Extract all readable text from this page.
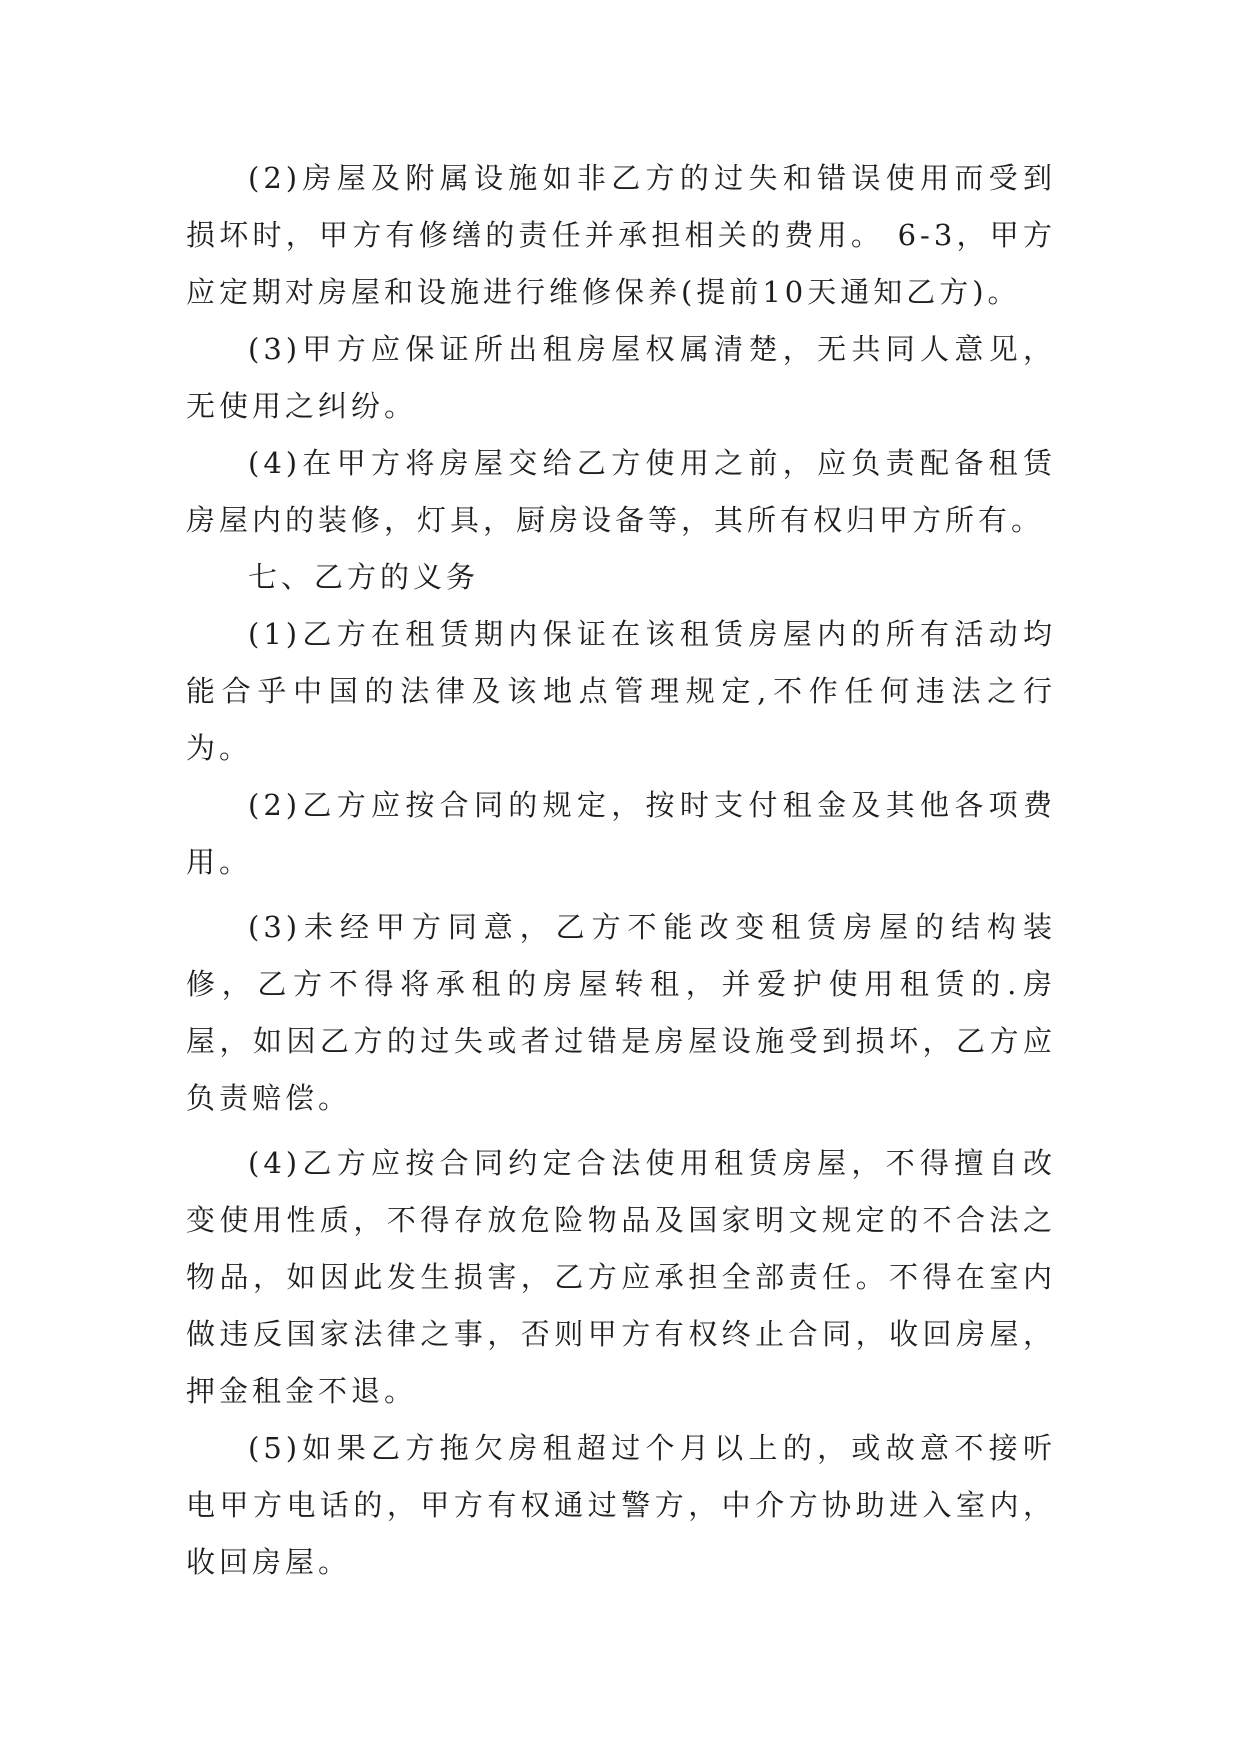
(2)房屋及附属设施如非乙方的过失和错误使用而受到损坏时，甲方有修缮的责任并承担相关的费用。 6-3，甲方应定期对房屋和设施进行维修保养(提前10天通知乙方)。

(3)甲方应保证所出租房屋权属清楚，无共同人意见，无使用之纠纷。

(4)在甲方将房屋交给乙方使用之前，应负责配备租赁房屋内的装修，灯具，厨房设备等，其所有权归甲方所有。

七、乙方的义务

(1)乙方在租赁期内保证在该租赁房屋内的所有活动均能合乎中国的法律及该地点管理规定,不作任何违法之行为。

(2)乙方应按合同的规定，按时支付租金及其他各项费用。

(3)未经甲方同意，乙方不能改变租赁房屋的结构装修，乙方不得将承租的房屋转租，并爱护使用租赁的.房屋，如因乙方的过失或者过错是房屋设施受到损坏，乙方应负责赔偿。

(4)乙方应按合同约定合法使用租赁房屋，不得擅自改变使用性质，不得存放危险物品及国家明文规定的不合法之物品，如因此发生损害，乙方应承担全部责任。不得在室内做违反国家法律之事，否则甲方有权终止合同，收回房屋，押金租金不退。

(5)如果乙方拖欠房租超过个月以上的，或故意不接听电甲方电话的，甲方有权通过警方，中介方协助进入室内，收回房屋。
